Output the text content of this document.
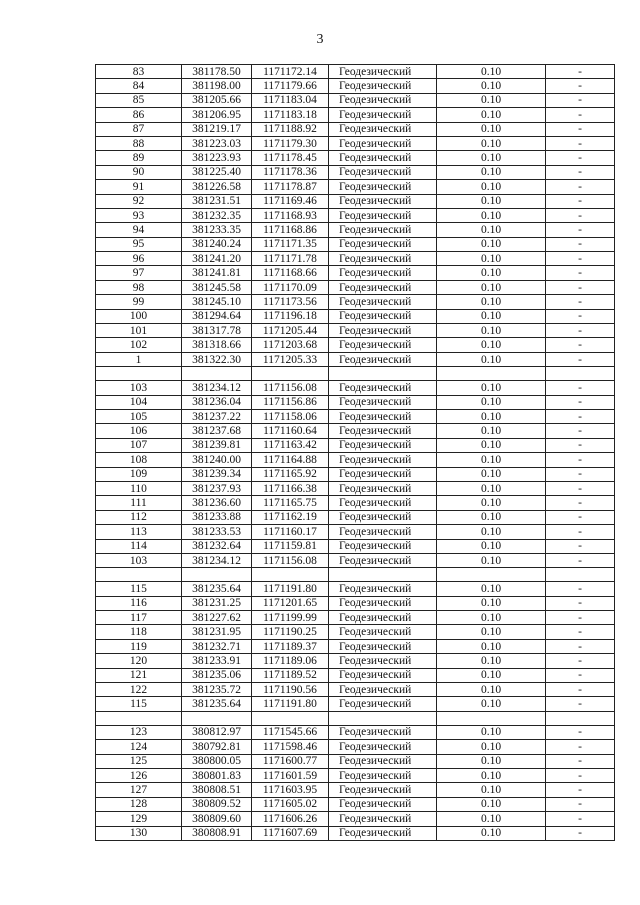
3
83	381178.50	1171172.14	Геодезический	0.10	-
84	381198.00	1171179.66	Геодезический	0.10	-
85	381205.66	1171183.04	Геодезический	0.10	-
86	381206.95	1171183.18	Геодезический	0.10	-
87	381219.17	1171188.92	Геодезический	0.10	-
88	381223.03	1171179.30	Геодезический	0.10	-
89	381223.93	1171178.45	Геодезический	0.10	-
90	381225.40	1171178.36	Геодезический	0.10	-
91	381226.58	1171178.87	Геодезический	0.10	-
92	381231.51	1171169.46	Геодезический	0.10	-
93	381232.35	1171168.93	Геодезический	0.10	-
94	381233.35	1171168.86	Геодезический	0.10	-
95	381240.24	1171171.35	Геодезический	0.10	-
96	381241.20	1171171.78	Геодезический	0.10	-
97	381241.81	1171168.66	Геодезический	0.10	-
98	381245.58	1171170.09	Геодезический	0.10	-
99	381245.10	1171173.56	Геодезический	0.10	-
100	381294.64	1171196.18	Геодезический	0.10	-
101	381317.78	1171205.44	Геодезический	0.10	-
102	381318.66	1171203.68	Геодезический	0.10	-
1	381322.30	1171205.33	Геодезический	0.10	-

103	381234.12	1171156.08	Геодезический	0.10	-
104	381236.04	1171156.86	Геодезический	0.10	-
105	381237.22	1171158.06	Геодезический	0.10	-
106	381237.68	1171160.64	Геодезический	0.10	-
107	381239.81	1171163.42	Геодезический	0.10	-
108	381240.00	1171164.88	Геодезический	0.10	-
109	381239.34	1171165.92	Геодезический	0.10	-
110	381237.93	1171166.38	Геодезический	0.10	-
111	381236.60	1171165.75	Геодезический	0.10	-
112	381233.88	1171162.19	Геодезический	0.10	-
113	381233.53	1171160.17	Геодезический	0.10	-
114	381232.64	1171159.81	Геодезический	0.10	-
103	381234.12	1171156.08	Геодезический	0.10	-

115	381235.64	1171191.80	Геодезический	0.10	-
116	381231.25	1171201.65	Геодезический	0.10	-
117	381227.62	1171199.99	Геодезический	0.10	-
118	381231.95	1171190.25	Геодезический	0.10	-
119	381232.71	1171189.37	Геодезический	0.10	-
120	381233.91	1171189.06	Геодезический	0.10	-
121	381235.06	1171189.52	Геодезический	0.10	-
122	381235.72	1171190.56	Геодезический	0.10	-
115	381235.64	1171191.80	Геодезический	0.10	-

123	380812.97	1171545.66	Геодезический	0.10	-
124	380792.81	1171598.46	Геодезический	0.10	-
125	380800.05	1171600.77	Геодезический	0.10	-
126	380801.83	1171601.59	Геодезический	0.10	-
127	380808.51	1171603.95	Геодезический	0.10	-
128	380809.52	1171605.02	Геодезический	0.10	-
129	380809.60	1171606.26	Геодезический	0.10	-
130	380808.91	1171607.69	Геодезический	0.10	-
